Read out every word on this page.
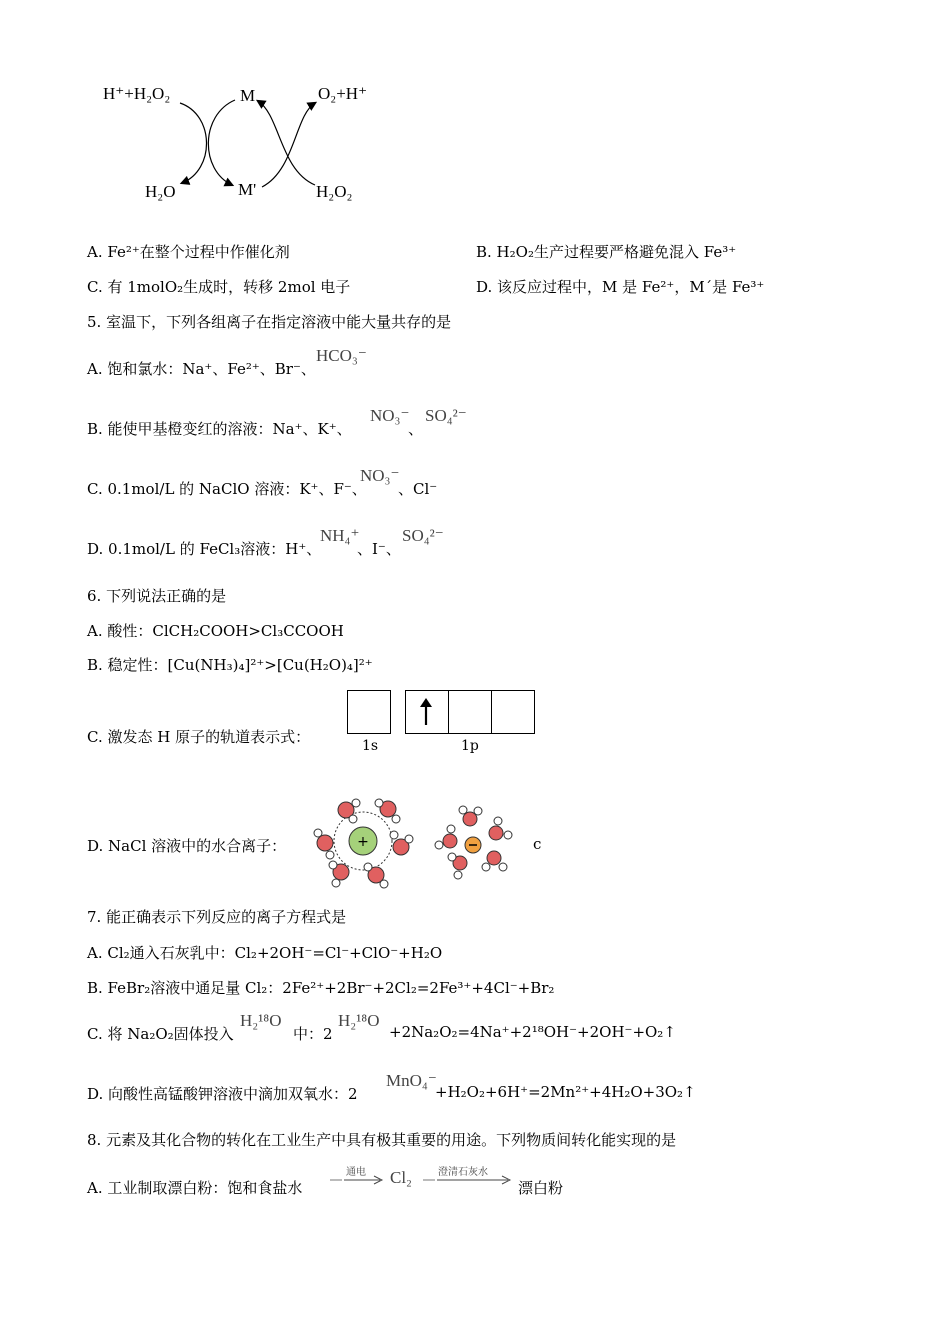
H⁺+H₂O₂	M	O₂+H⁺
H₂O	M'	H₂O₂
A. Fe²⁺在整个过程中作催化剂	B. H₂O₂生产过程要严格避免混入 Fe³⁺
C. 有 1molO₂生成时，转移 2mol 电子	D. 该反应过程中，M 是 Fe²⁺，M´是 Fe³⁺
5. 室温下，下列各组离子在指定溶液中能大量共存的是
A. 饱和氯水：Na⁺、Fe²⁺、Br⁻、
HCO₃⁻
B. 能使甲基橙变红的溶液：Na⁺、K⁺、
NO₃⁻
、
SO₄²⁻
C. 0.1mol/L 的 NaClO 溶液：K⁺、F⁻、
NO₃⁻
、Cl⁻
D. 0.1mol/L 的 FeCl₃溶液：H⁺、
NH₄⁺
、I⁻、
SO₄²⁻
6. 下列说法正确的是
A. 酸性：ClCH₂COOH>Cl₃CCOOH
B. 稳定性：[Cu(NH₃)₄]²⁺>[Cu(H₂O)₄]²⁺
C. 激发态 H 原子的轨道表示式：	1s	1p
D. NaCl 溶液中的水合离子：	+	c
7. 能正确表示下列反应的离子方程式是
A. Cl₂通入石灰乳中：Cl₂+2OH⁻=Cl⁻+ClO⁻+H₂O
B. FeBr₂溶液中通足量 Cl₂：2Fe²⁺+2Br⁻+2Cl₂=2Fe³⁺+4Cl⁻+Br₂
C. 将 Na₂O₂固体投入
H₂¹⁸O
中：2
H₂¹⁸O
+2Na₂O₂=4Na⁺+2¹⁸OH⁻+2OH⁻+O₂↑
D. 向酸性高锰酸钾溶液中滴加双氧水：2
MnO₄⁻
+H₂O₂+6H⁺=2Mn²⁺+4H₂O+3O₂↑
8. 元素及其化合物的转化在工业生产中具有极其重要的用途。下列物质间转化能实现的是
A. 工业制取漂白粉：饱和食盐水
通电 Cl₂	澄清石灰水
漂白粉
